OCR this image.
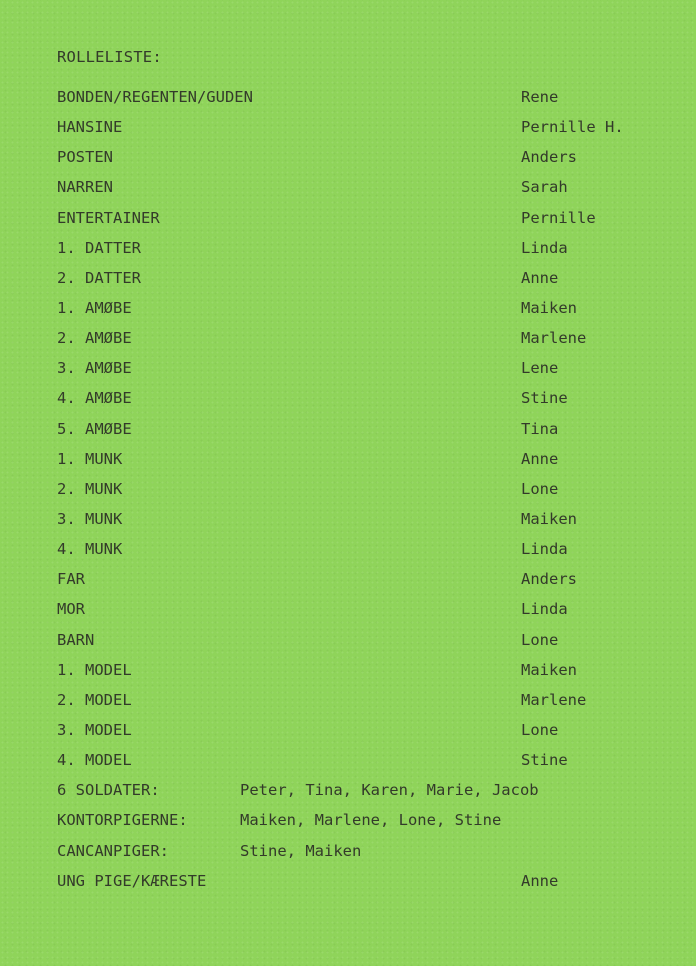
ROLLELISTE:
BONDEN/REGENTEN/GUDEN	Rene
HANSINE	Pernille H.
POSTEN	Anders
NARREN	Sarah
ENTERTAINER	Pernille
1. DATTER	Linda
2. DATTER	Anne
1. AMØBE	Maiken
2. AMØBE	Marlene
3. AMØBE	Lene
4. AMØBE	Stine
5. AMØBE	Tina
1. MUNK	Anne
2. MUNK	Lone
3. MUNK	Maiken
4. MUNK	Linda
FAR	Anders
MOR	Linda
BARN	Lone
1. MODEL	Maiken
2. MODEL	Marlene
3. MODEL	Lone
4. MODEL	Stine
6 SOLDATER:	Peter, Tina, Karen, Marie, Jacob
KONTORPIGERNE:	Maiken, Marlene, Lone, Stine
CANCANPIGER:	Stine, Maiken
UNG PIGE/KÆRESTE	Anne
